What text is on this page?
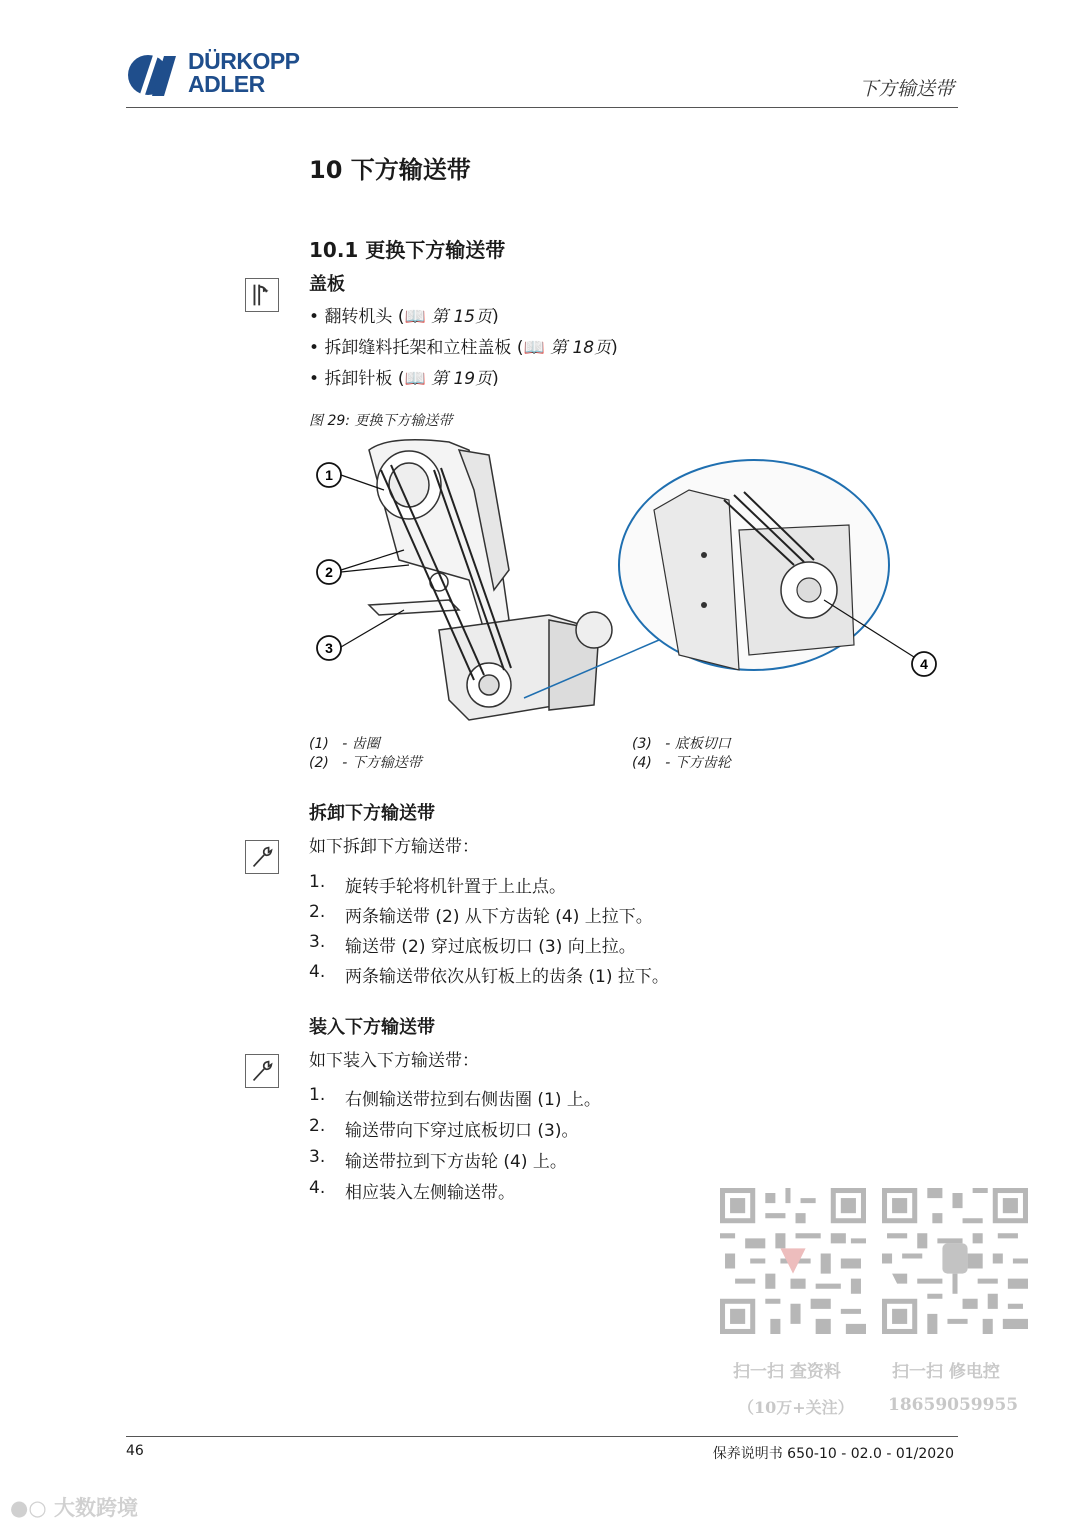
DÜRKOPP
ADLER	下方输送带
10 下方输送带
10.1 更换下方输送带
盖板
• 翻转机头 (📖 第 15页)
• 拆卸缝料托架和立柱盖板 (📖 第 18页)
• 拆卸针板 (📖 第 19页)
图 29: 更换下方输送带
1
2
3
4
(1) - 齿圈
(2) - 下方输送带
(3) - 底板切口
(4) - 下方齿轮
拆卸下方输送带
如下拆卸下方输送带：
1. 旋转手轮将机针置于上止点。
2. 两条输送带 (2) 从下方齿轮 (4) 上拉下。
3. 输送带 (2) 穿过底板切口 (3) 向上拉。
4. 两条输送带依次从钉板上的齿条 (1) 拉下。
装入下方输送带
如下装入下方输送带：
1. 右侧输送带拉到右侧齿圈 (1) 上。
2. 输送带向下穿过底板切口 (3)。
3. 输送带拉到下方齿轮 (4) 上。
4. 相应装入左侧输送带。
扫一扫 查资料
（10万+关注）
扫一扫 修电控
18659059955
46	保养说明书 650-10 - 02.0 - 01/2020
●○ 大数跨境
